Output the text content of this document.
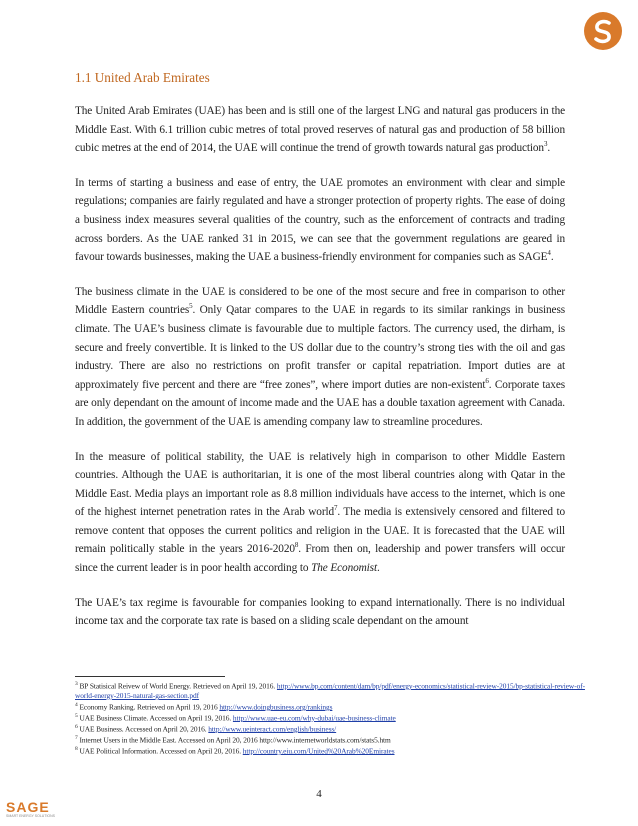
1.1 United Arab Emirates

The United Arab Emirates (UAE) has been and is still one of the largest LNG and natural gas producers in the Middle East. With 6.1 trillion cubic metres of total proved reserves of natural gas and production of 58 billion cubic metres at the end of 2014, the UAE will continue the trend of growth towards natural gas production$^3$.

In terms of starting a business and ease of entry, the UAE promotes an environment with clear and simple regulations; companies are fairly regulated and have a stronger protection of property rights. The ease of doing a business index measures several qualities of the country, such as the enforcement of contracts and trading across borders. As the UAE ranked 31 in 2015, we can see that the government regulations are geared in favour towards businesses, making the UAE a business-friendly environment for companies such as SAGE$^4$.

The business climate in the UAE is considered to be one of the most secure and free in comparison to other Middle Eastern countries$^5$. Only Qatar compares to the UAE in regards to its similar rankings in business climate. The UAE’s business climate is favourable due to multiple factors. The currency used, the dirham, is secure and freely convertible. It is linked to the US dollar due to the country’s strong ties with the oil and gas industry. There are also no restrictions on profit transfer or capital repatriation. Import duties are at approximately five percent and there are “free zones”, where import duties are non-existent$^6$. Corporate taxes are only dependant on the amount of income made and the UAE has a double taxation agreement with Canada. In addition, the government of the UAE is amending company law to streamline procedures.

In the measure of political stability, the UAE is relatively high in comparison to other Middle Eastern countries. Although the UAE is authoritarian, it is one of the most liberal countries along with Qatar in the Middle East. Media plays an important role as 8.8 million individuals have access to the internet, which is one of the highest internet penetration rates in the Arab world$^7$. The media is extensively censored and filtered to remove content that opposes the current politics and religion in the UAE. It is forecasted that the UAE will remain politically stable in the years 2016-2020$^8$. From then on, leadership and power transfers will occur since the current leader is in poor health according to The Economist.

The UAE’s tax regime is favourable for companies looking to expand internationally. There is no individual income tax and the corporate tax rate is based on a sliding scale dependant on the amount

$^3$ BP Statisical Reivew of World Energy. Retrieved on April 19, 2016. http://www.bp.com/content/dam/bp/pdf/energy-economics/statistical-review-2015/bp-statistical-review-of-world-energy-2015-natural-gas-section.pdf

$^4$ Economy Ranking. Retrieved on April 19, 2016 http://www.doingbusiness.org/rankings

$^5$ UAE Business Climate. Accessed on April 19, 2016. http://www.uae-eu.com/why-dubai/uae-business-climate

$^6$ UAE Business. Accessed on April 20, 2016. http://www.ueinteract.com/english/business/

$^7$ Internet Users in the Middle East. Accessed on April 20, 2016 http://www.internetworldstats.com/stats5.htm

$^8$ UAE Political Information. Accessed on April 20, 2016. http://country.eiu.com/United%20Arab%20Emirates

4
SAGE
SMART ENERGY SOLUTIONS
